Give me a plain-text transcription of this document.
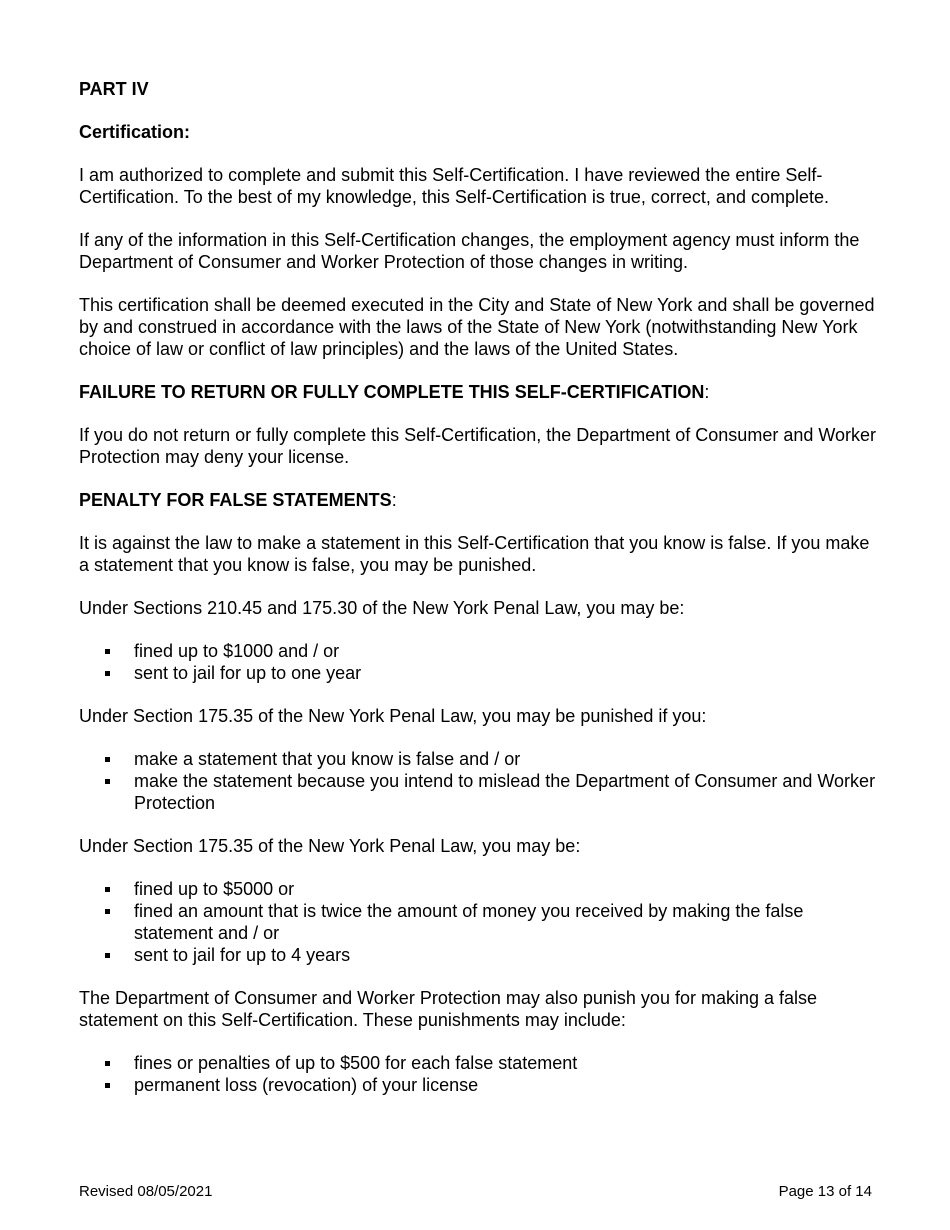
PART IV

Certification:

I am authorized to complete and submit this Self-Certification. I have reviewed the entire Self-Certification. To the best of my knowledge, this Self-Certification is true, correct, and complete.

If any of the information in this Self-Certification changes, the employment agency must inform the Department of Consumer and Worker Protection of those changes in writing.

This certification shall be deemed executed in the City and State of New York and shall be governed by and construed in accordance with the laws of the State of New York (notwithstanding New York choice of law or conflict of law principles) and the laws of the United States.

FAILURE TO RETURN OR FULLY COMPLETE THIS SELF-CERTIFICATION:

If you do not return or fully complete this Self-Certification, the Department of Consumer and Worker Protection may deny your license.

PENALTY FOR FALSE STATEMENTS:

It is against the law to make a statement in this Self-Certification that you know is false. If you make a statement that you know is false, you may be punished.

Under Sections 210.45 and 175.30 of the New York Penal Law, you may be:

fined up to $1000 and / or
sent to jail for up to one year

Under Section 175.35 of the New York Penal Law, you may be punished if you:

make a statement that you know is false and / or
make the statement because you intend to mislead the Department of Consumer and Worker Protection

Under Section 175.35 of the New York Penal Law, you may be:

fined up to $5000 or
fined an amount that is twice the amount of money you received by making the false statement and / or
sent to jail for up to 4 years

The Department of Consumer and Worker Protection may also punish you for making a false statement on this Self-Certification. These punishments may include:

fines or penalties of up to $500 for each false statement
permanent loss (revocation) of your license
Revised 08/05/2021	Page 13 of 14
